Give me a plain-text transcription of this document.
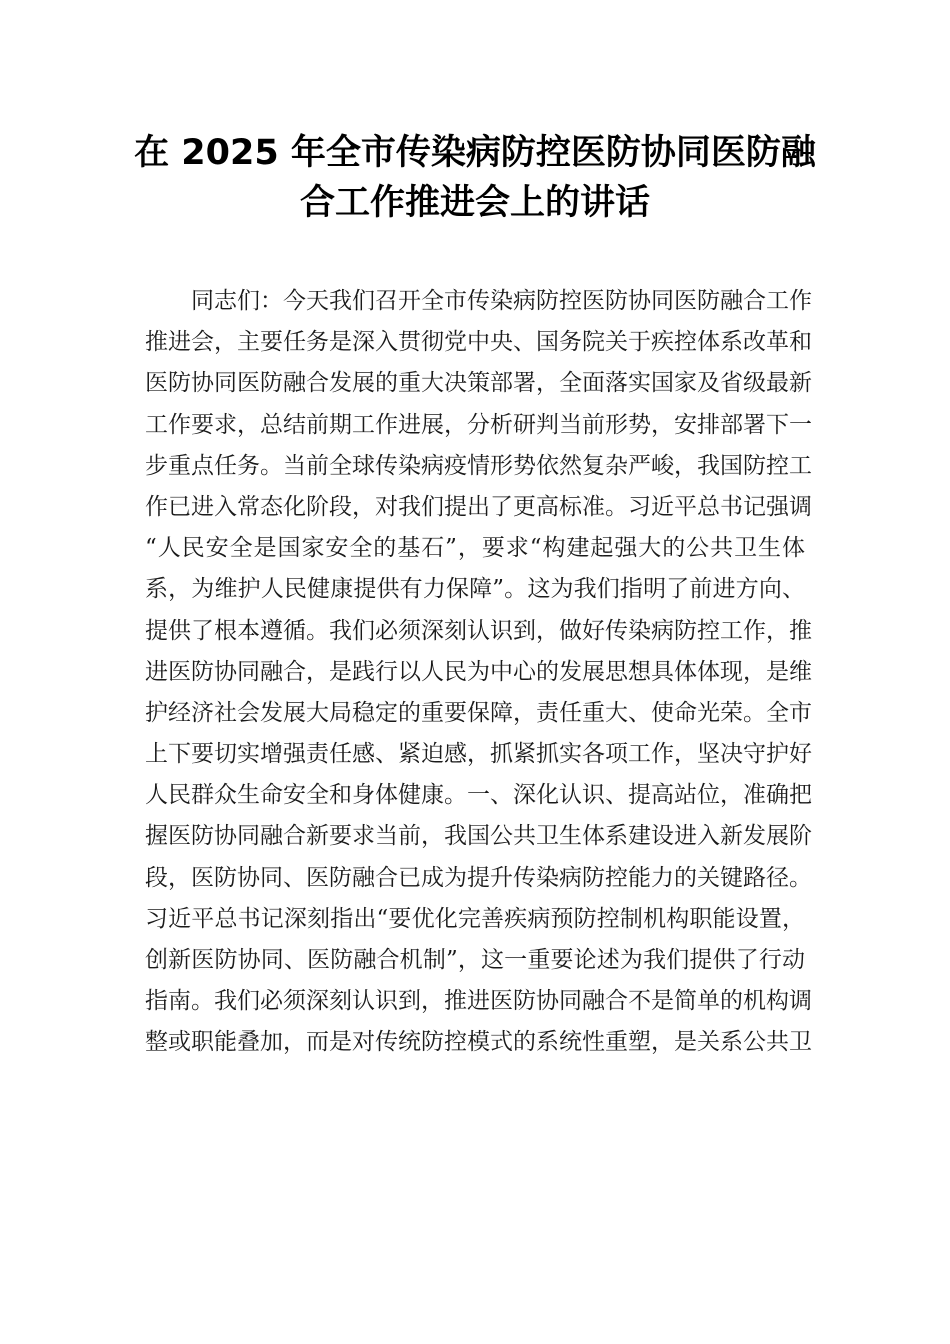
在 2025 年全市传染病防控医防协同医防融
合工作推进会上的讲话
同志们：今天我们召开全市传染病防控医防协同医防融合工作
推进会，主要任务是深入贯彻党中央、国务院关于疾控体系改革和
医防协同医防融合发展的重大决策部署，全面落实国家及省级最新
工作要求，总结前期工作进展，分析研判当前形势，安排部署下一
步重点任务。当前全球传染病疫情形势依然复杂严峻，我国防控工
作已进入常态化阶段，对我们提出了更高标准。习近平总书记强调
“人民安全是国家安全的基石”，要求“构建起强大的公共卫生体
系，为维护人民健康提供有力保障”。这为我们指明了前进方向、
提供了根本遵循。我们必须深刻认识到，做好传染病防控工作，推
进医防协同融合，是践行以人民为中心的发展思想具体体现，是维
护经济社会发展大局稳定的重要保障，责任重大、使命光荣。全市
上下要切实增强责任感、紧迫感，抓紧抓实各项工作，坚决守护好
人民群众生命安全和身体健康。一、深化认识、提高站位，准确把
握医防协同融合新要求当前，我国公共卫生体系建设进入新发展阶
段，医防协同、医防融合已成为提升传染病防控能力的关键路径。
习近平总书记深刻指出“要优化完善疾病预防控制机构职能设置，
创新医防协同、医防融合机制”，这一重要论述为我们提供了行动
指南。我们必须深刻认识到，推进医防协同融合不是简单的机构调
整或职能叠加，而是对传统防控模式的系统性重塑，是关系公共卫
